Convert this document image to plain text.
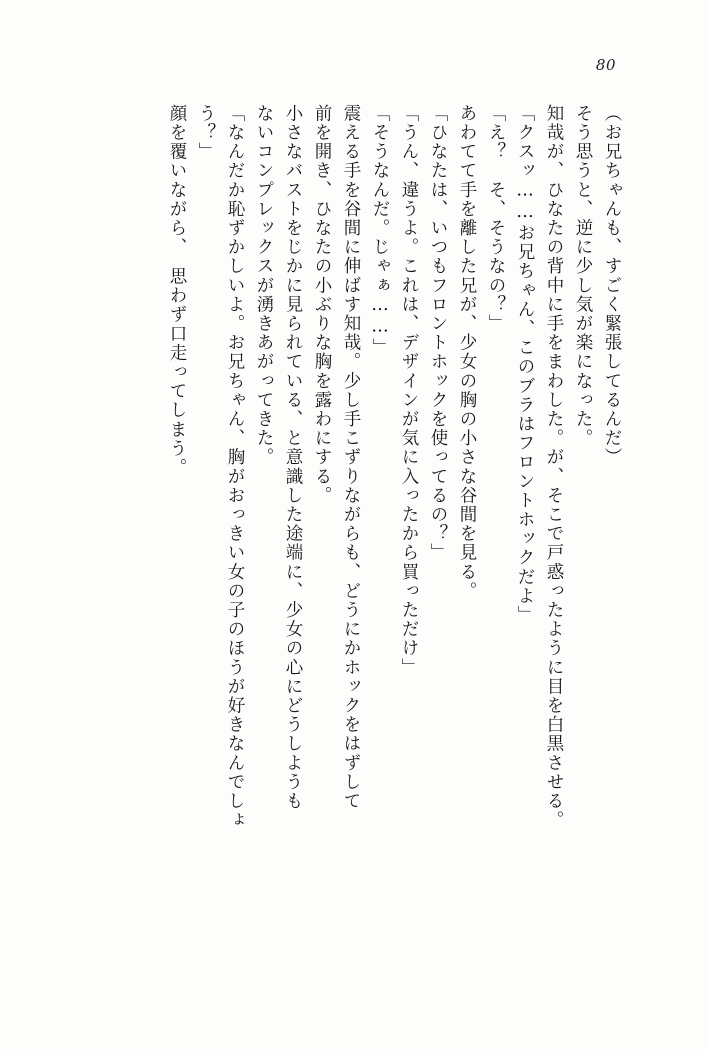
80
（お兄ちゃんも、すごく緊張してるんだ）
そう思うと、逆に少し気が楽になった。
知哉が、ひなたの背中に手をまわした。が、そこで戸惑ったように目を白黒させる。
「クスッ……お兄ちゃん、このブラはフロントホックだよ」
「え？　そ、そうなの？」
あわてて手を離した兄が、少女の胸の小さな谷間を見る。
「ひなたは、いつもフロントホックを使ってるの？」
「うん、違うよ。これは、デザインが気に入ったから買っただけ」
「そうなんだ。じゃぁ……」
震える手を谷間に伸ばす知哉。少し手こずりながらも、どうにかホックをはずして
前を開き、ひなたの小ぶりな胸を露わにする。
小さなバストをじかに見られている、と意識した途端に、少女の心にどうしようも
ないコンプレックスが湧きあがってきた。
「なんだか恥ずかしいよ。お兄ちゃん、胸がおっきい女の子のほうが好きなんでしょ
う？」
顔を覆いながら、　思わず口走ってしまう。
